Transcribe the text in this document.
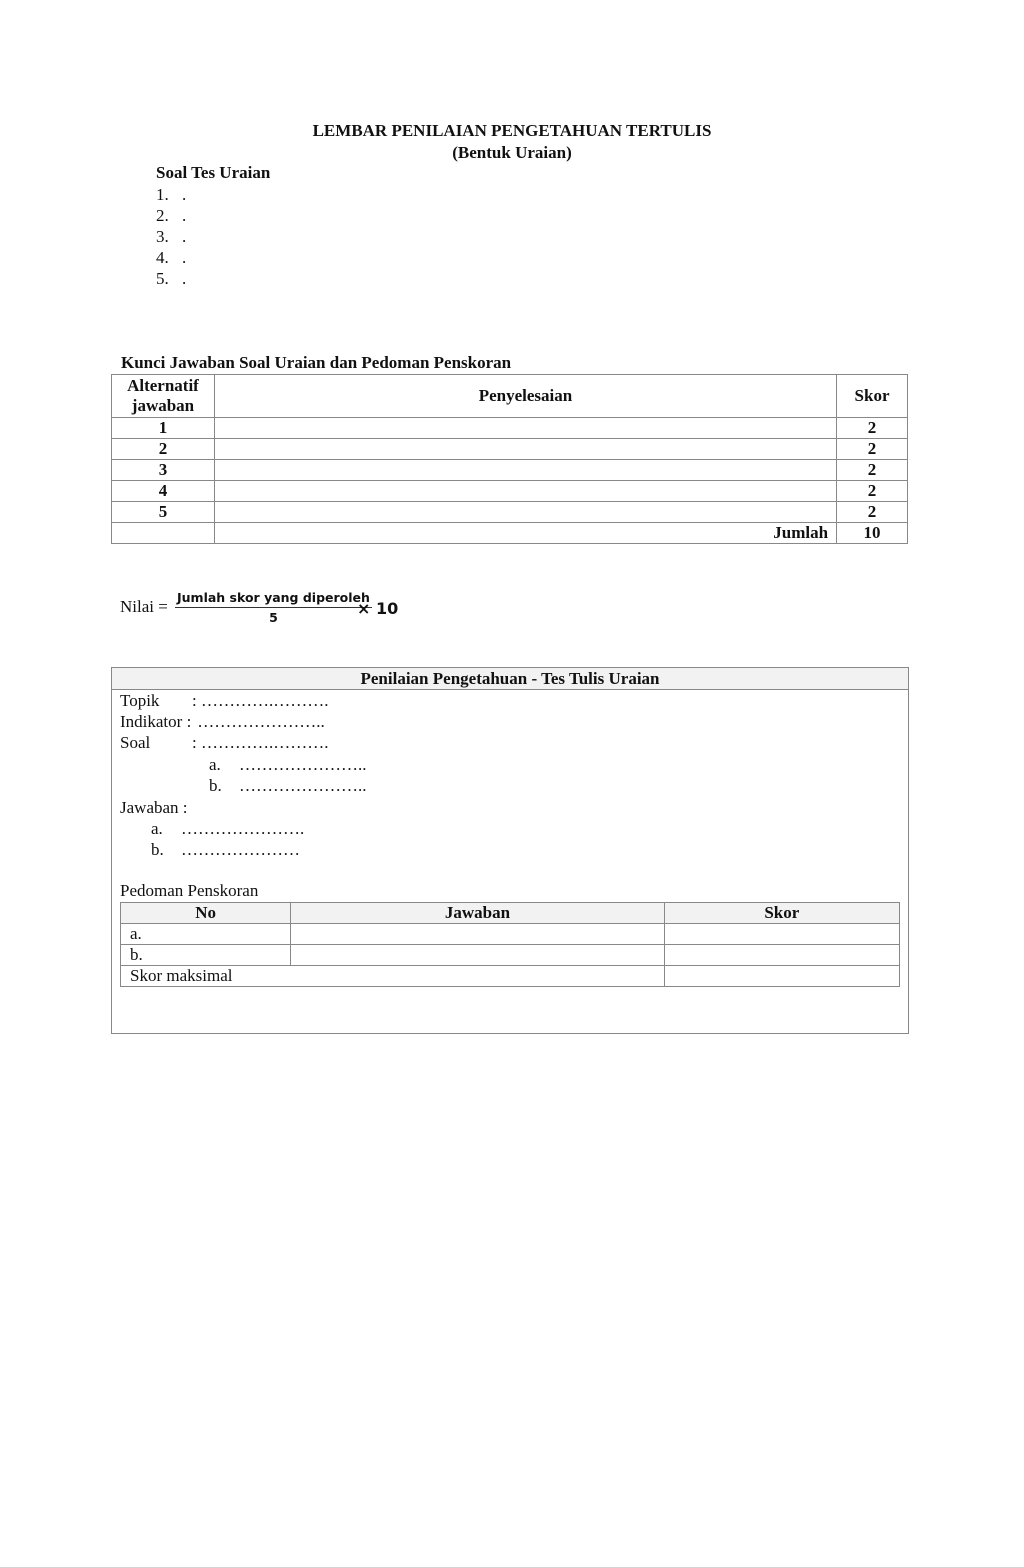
LEMBAR PENILAIAN PENGETAHUAN TERTULIS
(Bentuk Uraian)
Soal Tes Uraian
1. .
2. .
3. .
4. .
5. .
Kunci Jawaban Soal Uraian dan Pedoman Penskoran
Alternatif jawaban	Penyelesaian	Skor
1		2
2		2
3		2
4		2
5		2
	Jumlah	10
Nilai = Jumlah skor yang diperoleh
5	× 10
Penilaian Pengetahuan - Tes Tulis Uraian
Topik : ………….……….
Indikator : …………………..
Soal : ………….……….
a. …………………..
b. …………………..
Jawaban :
a. ………………….
b. …………………
Pedoman Penskoran
No	Jawaban	Skor
a.		
b.		
Skor maksimal		
